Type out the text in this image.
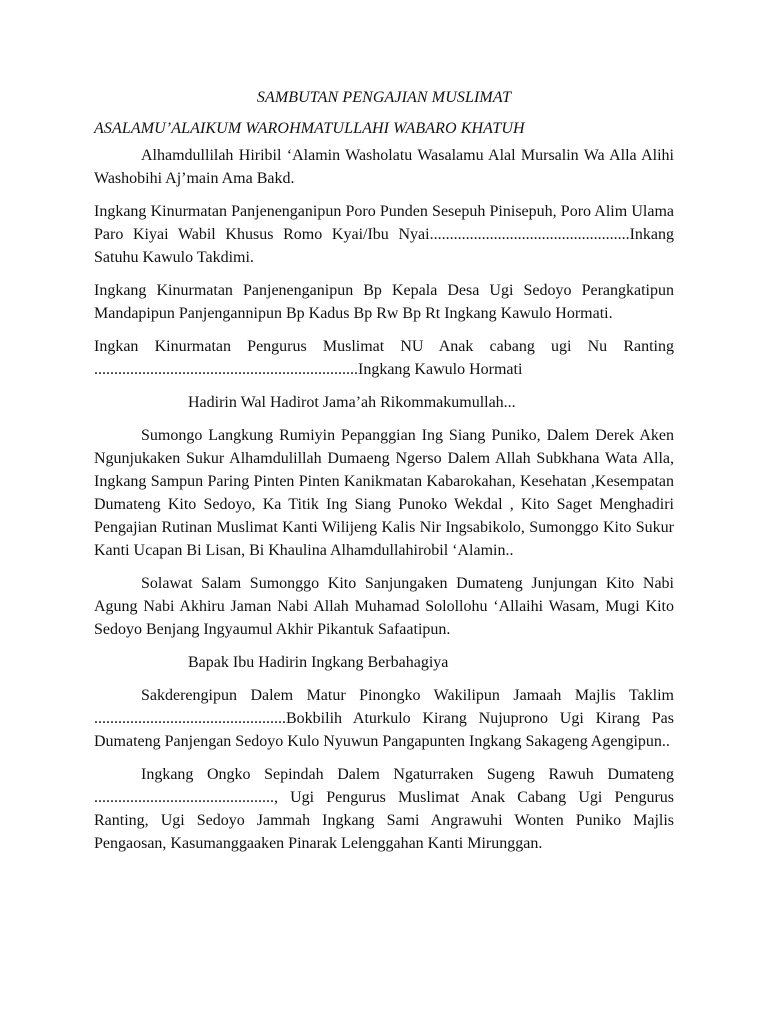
SAMBUTAN PENGAJIAN MUSLIMAT
ASALAMU’ALAIKUM WAROHMATULLAHI WABARO KHATUH

Alhamdullilah Hiribil ‘Alamin Washolatu Wasalamu Alal Mursalin Wa Alla Alihi Washobihi Aj’main Ama Bakd.

Ingkang Kinurmatan Panjenenganipun Poro Punden Sesepuh Pinisepuh, Poro Alim Ulama Paro Kiyai Wabil Khusus Romo Kyai/Ibu Nyai..................................................Inkang Satuhu Kawulo Takdimi.

Ingkang Kinurmatan Panjenenganipun Bp Kepala Desa Ugi Sedoyo Perangkatipun Mandapipun Panjengannipun Bp Kadus Bp Rw Bp Rt Ingkang Kawulo Hormati.

Ingkan Kinurmatan Pengurus Muslimat NU Anak cabang ugi Nu Ranting ..................................................................Ingkang Kawulo Hormati

Hadirin Wal Hadirot Jama’ah Rikommakumullah...

Sumongo Langkung Rumiyin Pepanggian Ing Siang Puniko, Dalem Derek Aken Ngunjukaken Sukur Alhamdulillah Dumaeng Ngerso Dalem Allah Subkhana Wata Alla, Ingkang Sampun Paring Pinten Pinten Kanikmatan Kabarokahan, Kesehatan ,Kesempatan Dumateng Kito Sedoyo, Ka Titik Ing Siang Punoko Wekdal , Kito Saget Menghadiri Pengajian Rutinan Muslimat Kanti Wilijeng Kalis Nir Ingsabikolo, Sumonggo Kito Sukur Kanti Ucapan Bi Lisan, Bi Khaulina Alhamdullahirobil ‘Alamin..

Solawat Salam Sumonggo Kito Sanjungaken Dumateng Junjungan Kito Nabi Agung Nabi Akhiru Jaman Nabi Allah Muhamad Solollohu ‘Allaihi Wasam, Mugi Kito Sedoyo Benjang Ingyaumul Akhir Pikantuk Safaatipun.

Bapak Ibu Hadirin Ingkang Berbahagiya

Sakderengipun Dalem Matur Pinongko Wakilipun Jamaah Majlis Taklim ................................................Bokbilih Aturkulo Kirang Nujuprono Ugi Kirang Pas Dumateng Panjengan Sedoyo Kulo Nyuwun Pangapunten Ingkang Sakageng Agengipun..

Ingkang Ongko Sepindah Dalem Ngaturraken Sugeng Rawuh Dumateng ............................................., Ugi Pengurus Muslimat Anak Cabang Ugi Pengurus Ranting, Ugi Sedoyo Jammah Ingkang Sami Angrawuhi Wonten Puniko Majlis Pengaosan, Kasumanggaaken Pinarak Lelenggahan Kanti Mirunggan.
